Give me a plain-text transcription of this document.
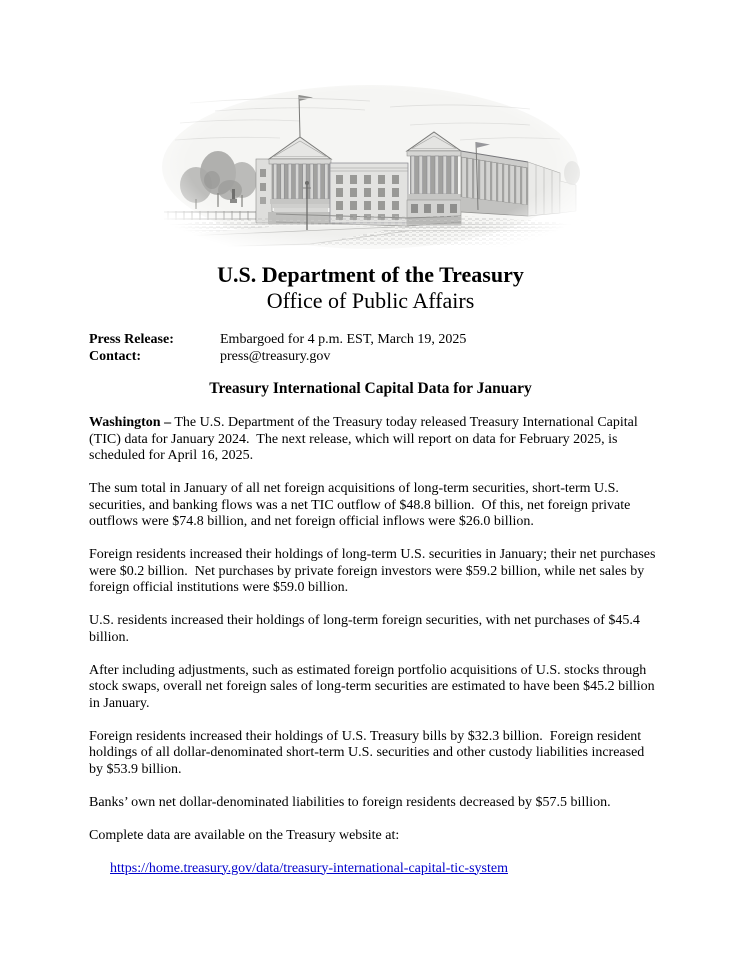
U.S. Department of the Treasury
Office of Public Affairs
Press Release:	Embargoed for 4 p.m. EST, March 19, 2025
Contact:	press@treasury.gov
Treasury International Capital Data for January

Washington – The U.S. Department of the Treasury today released Treasury International Capital (TIC) data for January 2024.  The next release, which will report on data for February 2025, is scheduled for April 16, 2025.

The sum total in January of all net foreign acquisitions of long-term securities, short-term U.S. securities, and banking flows was a net TIC outflow of $48.8 billion.  Of this, net foreign private outflows were $74.8 billion, and net foreign official inflows were $26.0 billion.

Foreign residents increased their holdings of long-term U.S. securities in January; their net purchases were $0.2 billion.  Net purchases by private foreign investors were $59.2 billion, while net sales by foreign official institutions were $59.0 billion.

U.S. residents increased their holdings of long-term foreign securities, with net purchases of $45.4 billion.

After including adjustments, such as estimated foreign portfolio acquisitions of U.S. stocks through stock swaps, overall net foreign sales of long-term securities are estimated to have been $45.2 billion in January.

Foreign residents increased their holdings of U.S. Treasury bills by $32.3 billion.  Foreign resident holdings of all dollar-denominated short-term U.S. securities and other custody liabilities increased by $53.9 billion.

Banks’ own net dollar-denominated liabilities to foreign residents decreased by $57.5 billion.

Complete data are available on the Treasury website at:

https://home.treasury.gov/data/treasury-international-capital-tic-system
